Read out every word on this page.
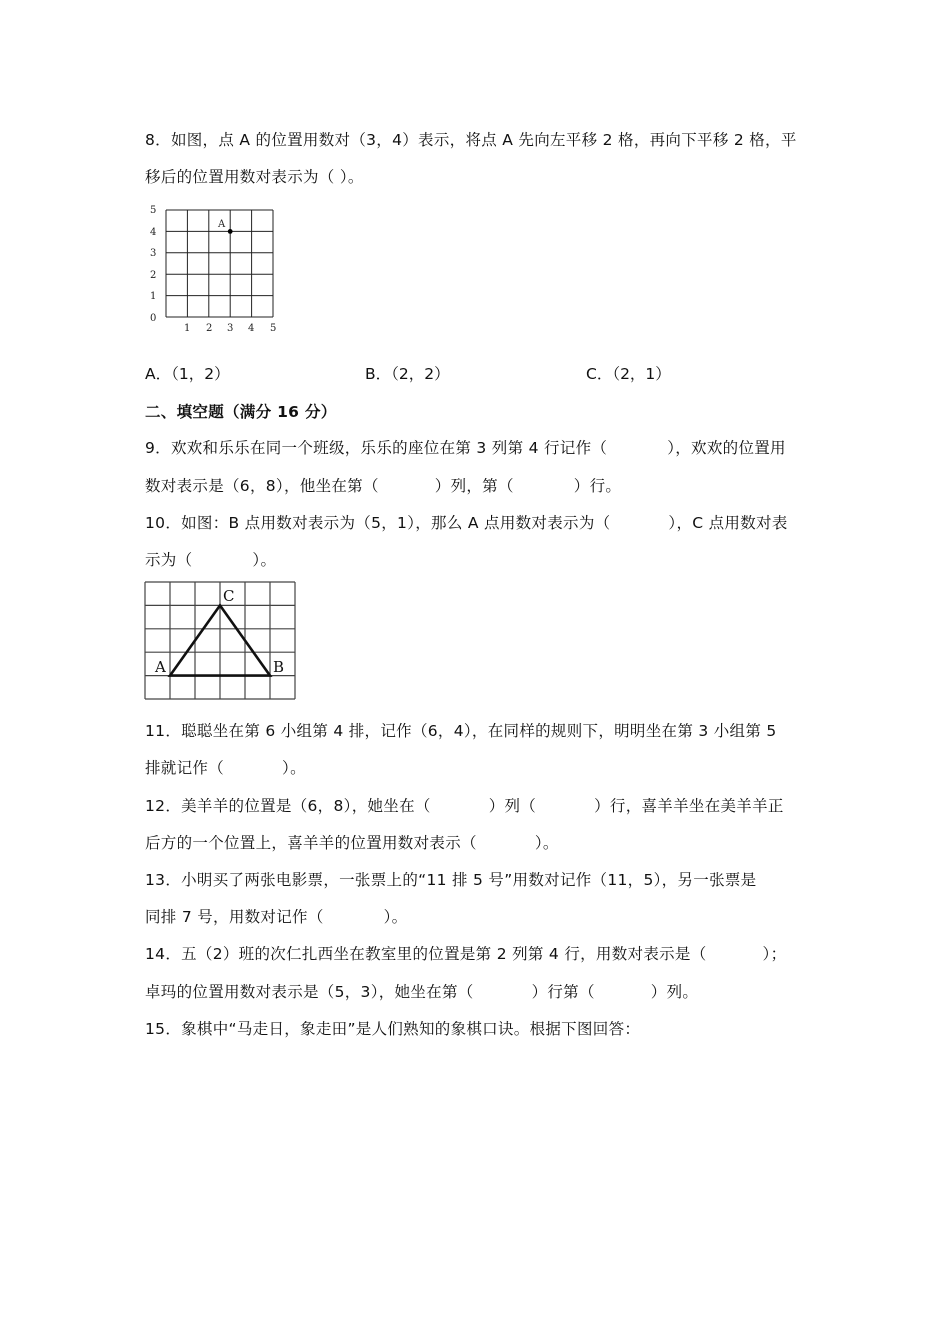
8．如图，点 A 的位置用数对（3，4）表示，将点 A 先向左平移 2 格，再向下平移 2 格，平
移后的位置用数对表示为（ ）。
5
4
3
2
1
0
1 2 3 4 5
A
A．（1，2）	B．（2，2）	C．（2，1）
二、填空题（满分 16 分）
9．欢欢和乐乐在同一个班级，乐乐的座位在第 3 列第 4 行记作（	），欢欢的位置用
数对表示是（6，8），他坐在第（	）列，第（	）行。
10．如图：B 点用数对表示为（5，1），那么 A 点用数对表示为（	），C 点用数对表
示为（	）。
A	B
C
11．聪聪坐在第 6 小组第 4 排，记作（6，4），在同样的规则下，明明坐在第 3 小组第 5
排就记作（	）。
12．美羊羊的位置是（6，8），她坐在（	）列（	）行，喜羊羊坐在美羊羊正
后方的一个位置上，喜羊羊的位置用数对表示（	）。
13．小明买了两张电影票，一张票上的“11 排 5 号”用数对记作（11，5），另一张票是
同排 7 号，用数对记作（	）。
14．五（2）班的次仁扎西坐在教室里的位置是第 2 列第 4 行，用数对表示是（	）；
卓玛的位置用数对表示是（5，3），她坐在第（	）行第（	）列。
15．象棋中“马走日，象走田”是人们熟知的象棋口诀。根据下图回答：
